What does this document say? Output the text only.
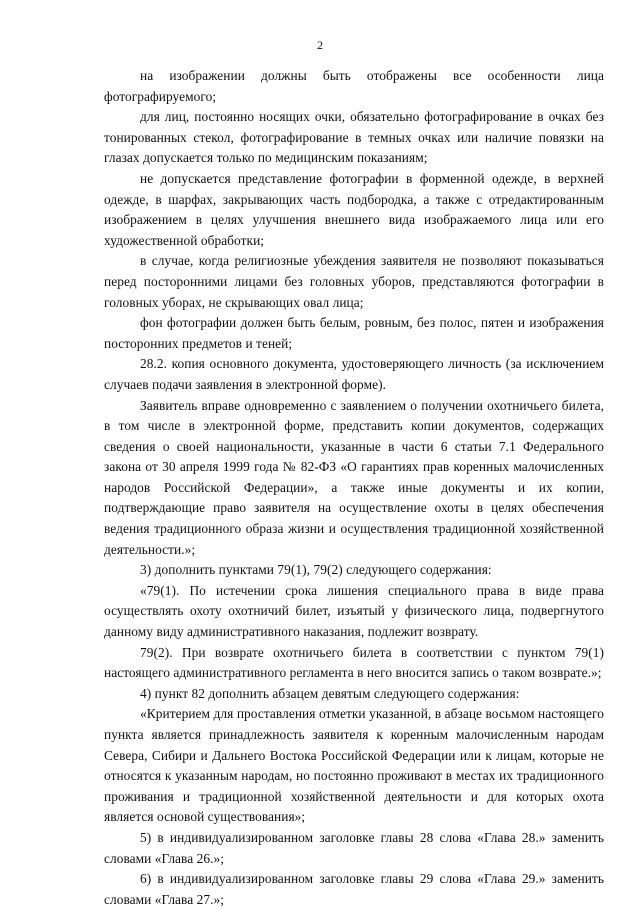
2

на изображении должны быть отображены все особенности лица фотографируемого;

для лиц, постоянно носящих очки, обязательно фотографирование в очках без тонированных стекол, фотографирование в темных очках или наличие повязки на глазах допускается только по медицинским показаниям;

не допускается представление фотографии в форменной одежде, в верхней одежде, в шарфах, закрывающих часть подбородка, а также с отредактированным изображением в целях улучшения внешнего вида изображаемого лица или его художественной обработки;

в случае, когда религиозные убеждения заявителя не позволяют показываться перед посторонними лицами без головных уборов, представляются фотографии в головных уборах, не скрывающих овал лица;

фон фотографии должен быть белым, ровным, без полос, пятен и изображения посторонних предметов и теней;

28.2. копия основного документа, удостоверяющего личность (за исключением случаев подачи заявления в электронной форме).

Заявитель вправе одновременно с заявлением о получении охотничьего билета, в том числе в электронной форме, представить копии документов, содержащих сведения о своей национальности, указанные в части 6 статьи 7.1 Федерального закона от 30 апреля 1999 года № 82-ФЗ «О гарантиях прав коренных малочисленных народов Российской Федерации», а также иные документы и их копии, подтверждающие право заявителя на осуществление охоты в целях обеспечения ведения традиционного образа жизни и осуществления традиционной хозяйственной деятельности.»;

3) дополнить пунктами 79(1), 79(2) следующего содержания:

«79(1). По истечении срока лишения специального права в виде права осуществлять охоту охотничий билет, изъятый у физического лица, подвергнутого данному виду административного наказания, подлежит возврату.

79(2). При возврате охотничьего билета в соответствии с пунктом 79(1) настоящего административного регламента в него вносится запись о таком возврате.»;

4) пункт 82 дополнить абзацем девятым следующего содержания:

«Критерием для проставления отметки указанной, в абзаце восьмом настоящего пункта является принадлежность заявителя к коренным малочисленным народам Севера, Сибири и Дальнего Востока Российской Федерации или к лицам, которые не относятся к указанным народам, но постоянно проживают в местах их традиционного проживания и традиционной хозяйственной деятельности и для которых охота является основой существования»;

5) в индивидуализированном заголовке главы 28 слова «Глава 28.» заменить словами «Глава 26.»;

6) в индивидуализированном заголовке главы 29 слова «Глава 29.» заменить словами «Глава 27.»;
